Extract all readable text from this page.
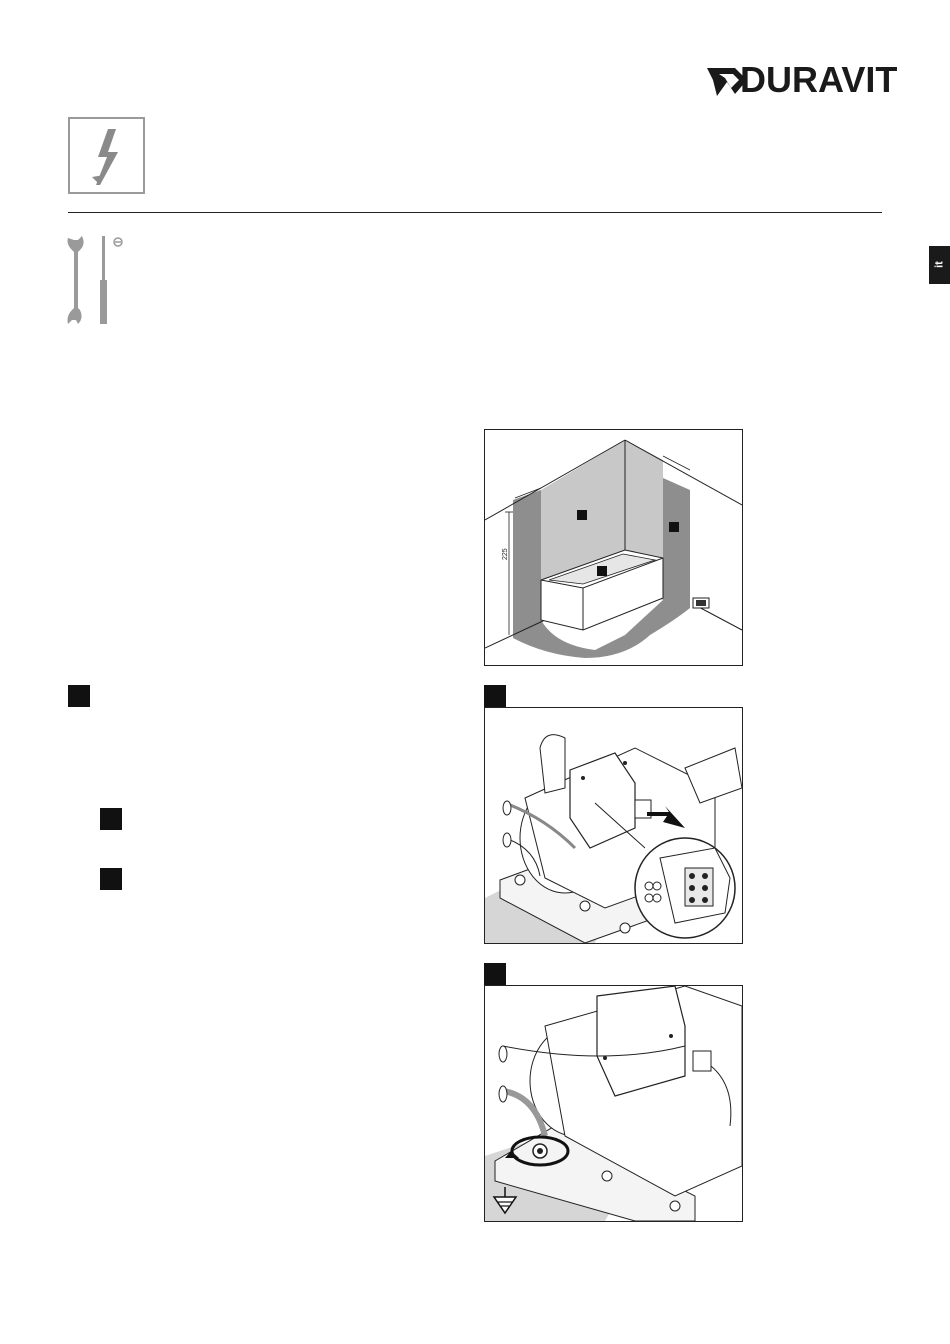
DURAVIT
it
225
